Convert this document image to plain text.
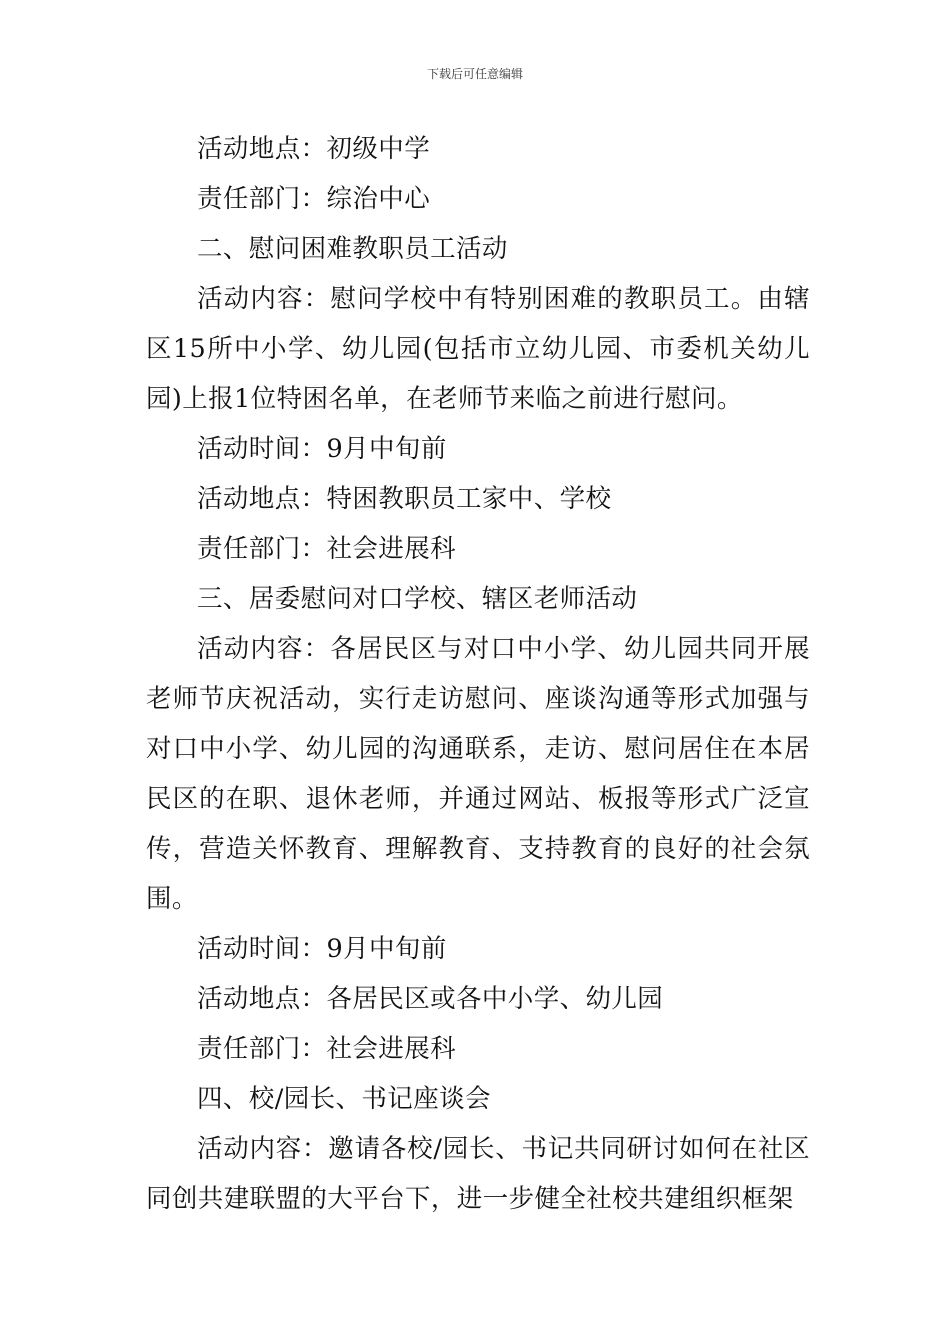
下载后可任意编辑

活动地点：初级中学

责任部门：综治中心

二、慰问困难教职员工活动

活动内容：慰问学校中有特别困难的教职员工。由辖区15所中小学、幼儿园(包括市立幼儿园、市委机关幼儿园)上报1位特困名单，在老师节来临之前进行慰问。

活动时间：9月中旬前

活动地点：特困教职员工家中、学校

责任部门：社会进展科

三、居委慰问对口学校、辖区老师活动

活动内容：各居民区与对口中小学、幼儿园共同开展老师节庆祝活动，实行走访慰问、座谈沟通等形式加强与对口中小学、幼儿园的沟通联系，走访、慰问居住在本居民区的在职、退休老师，并通过网站、板报等形式广泛宣传，营造关怀教育、理解教育、支持教育的良好的社会氛围。

活动时间：9月中旬前

活动地点：各居民区或各中小学、幼儿园

责任部门：社会进展科

四、校/园长、书记座谈会

活动内容：邀请各校/园长、书记共同研讨如何在社区同创共建联盟的大平台下，进一步健全社校共建组织框架
